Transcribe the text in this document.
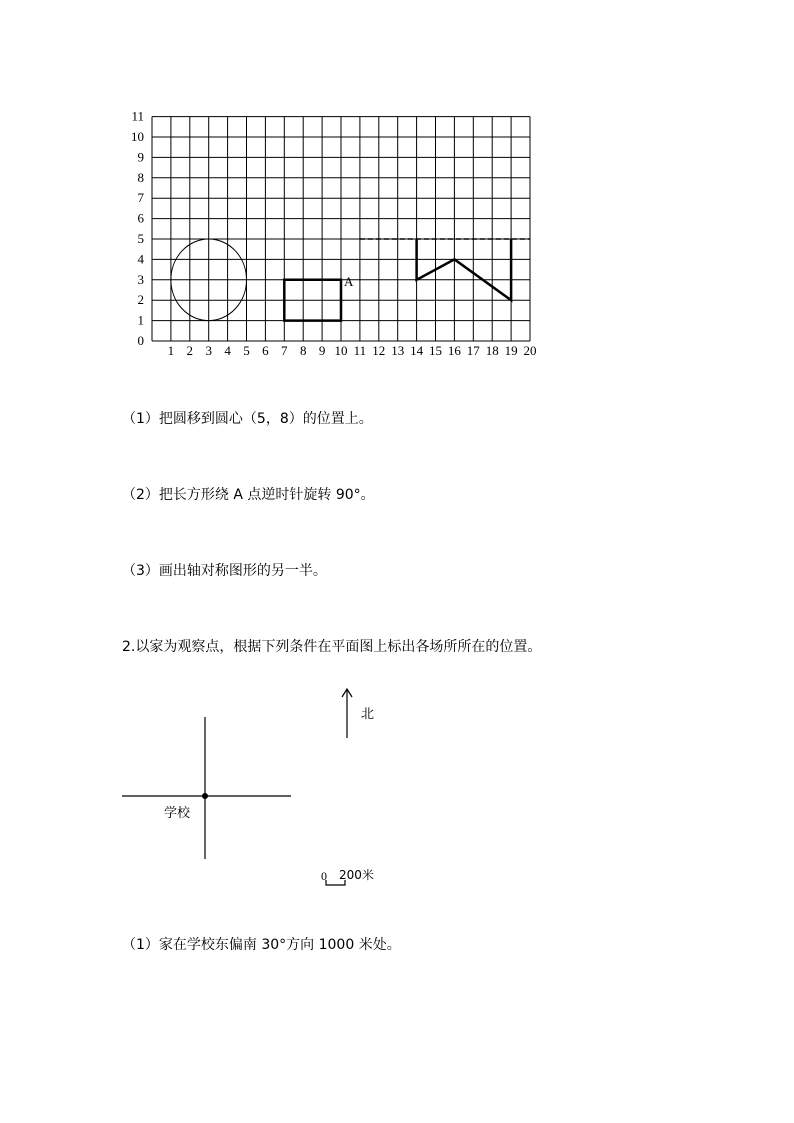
1 2 3 4 5 6 7 8 9 10 11 12 13 14 15 16 17 18 19 20
0
1
2
3
4
5
6
7
8
9
10
11
A
（1）把圆移到圆心（5，8）的位置上。
（2）把长方形绕 A 点逆时针旋转 90°。
（3）画出轴对称图形的另一半。
2.以家为观察点，根据下列条件在平面图上标出各场所所在的位置。
北
学校
0 200米
（1）家在学校东偏南 30°方向 1000 米处。
